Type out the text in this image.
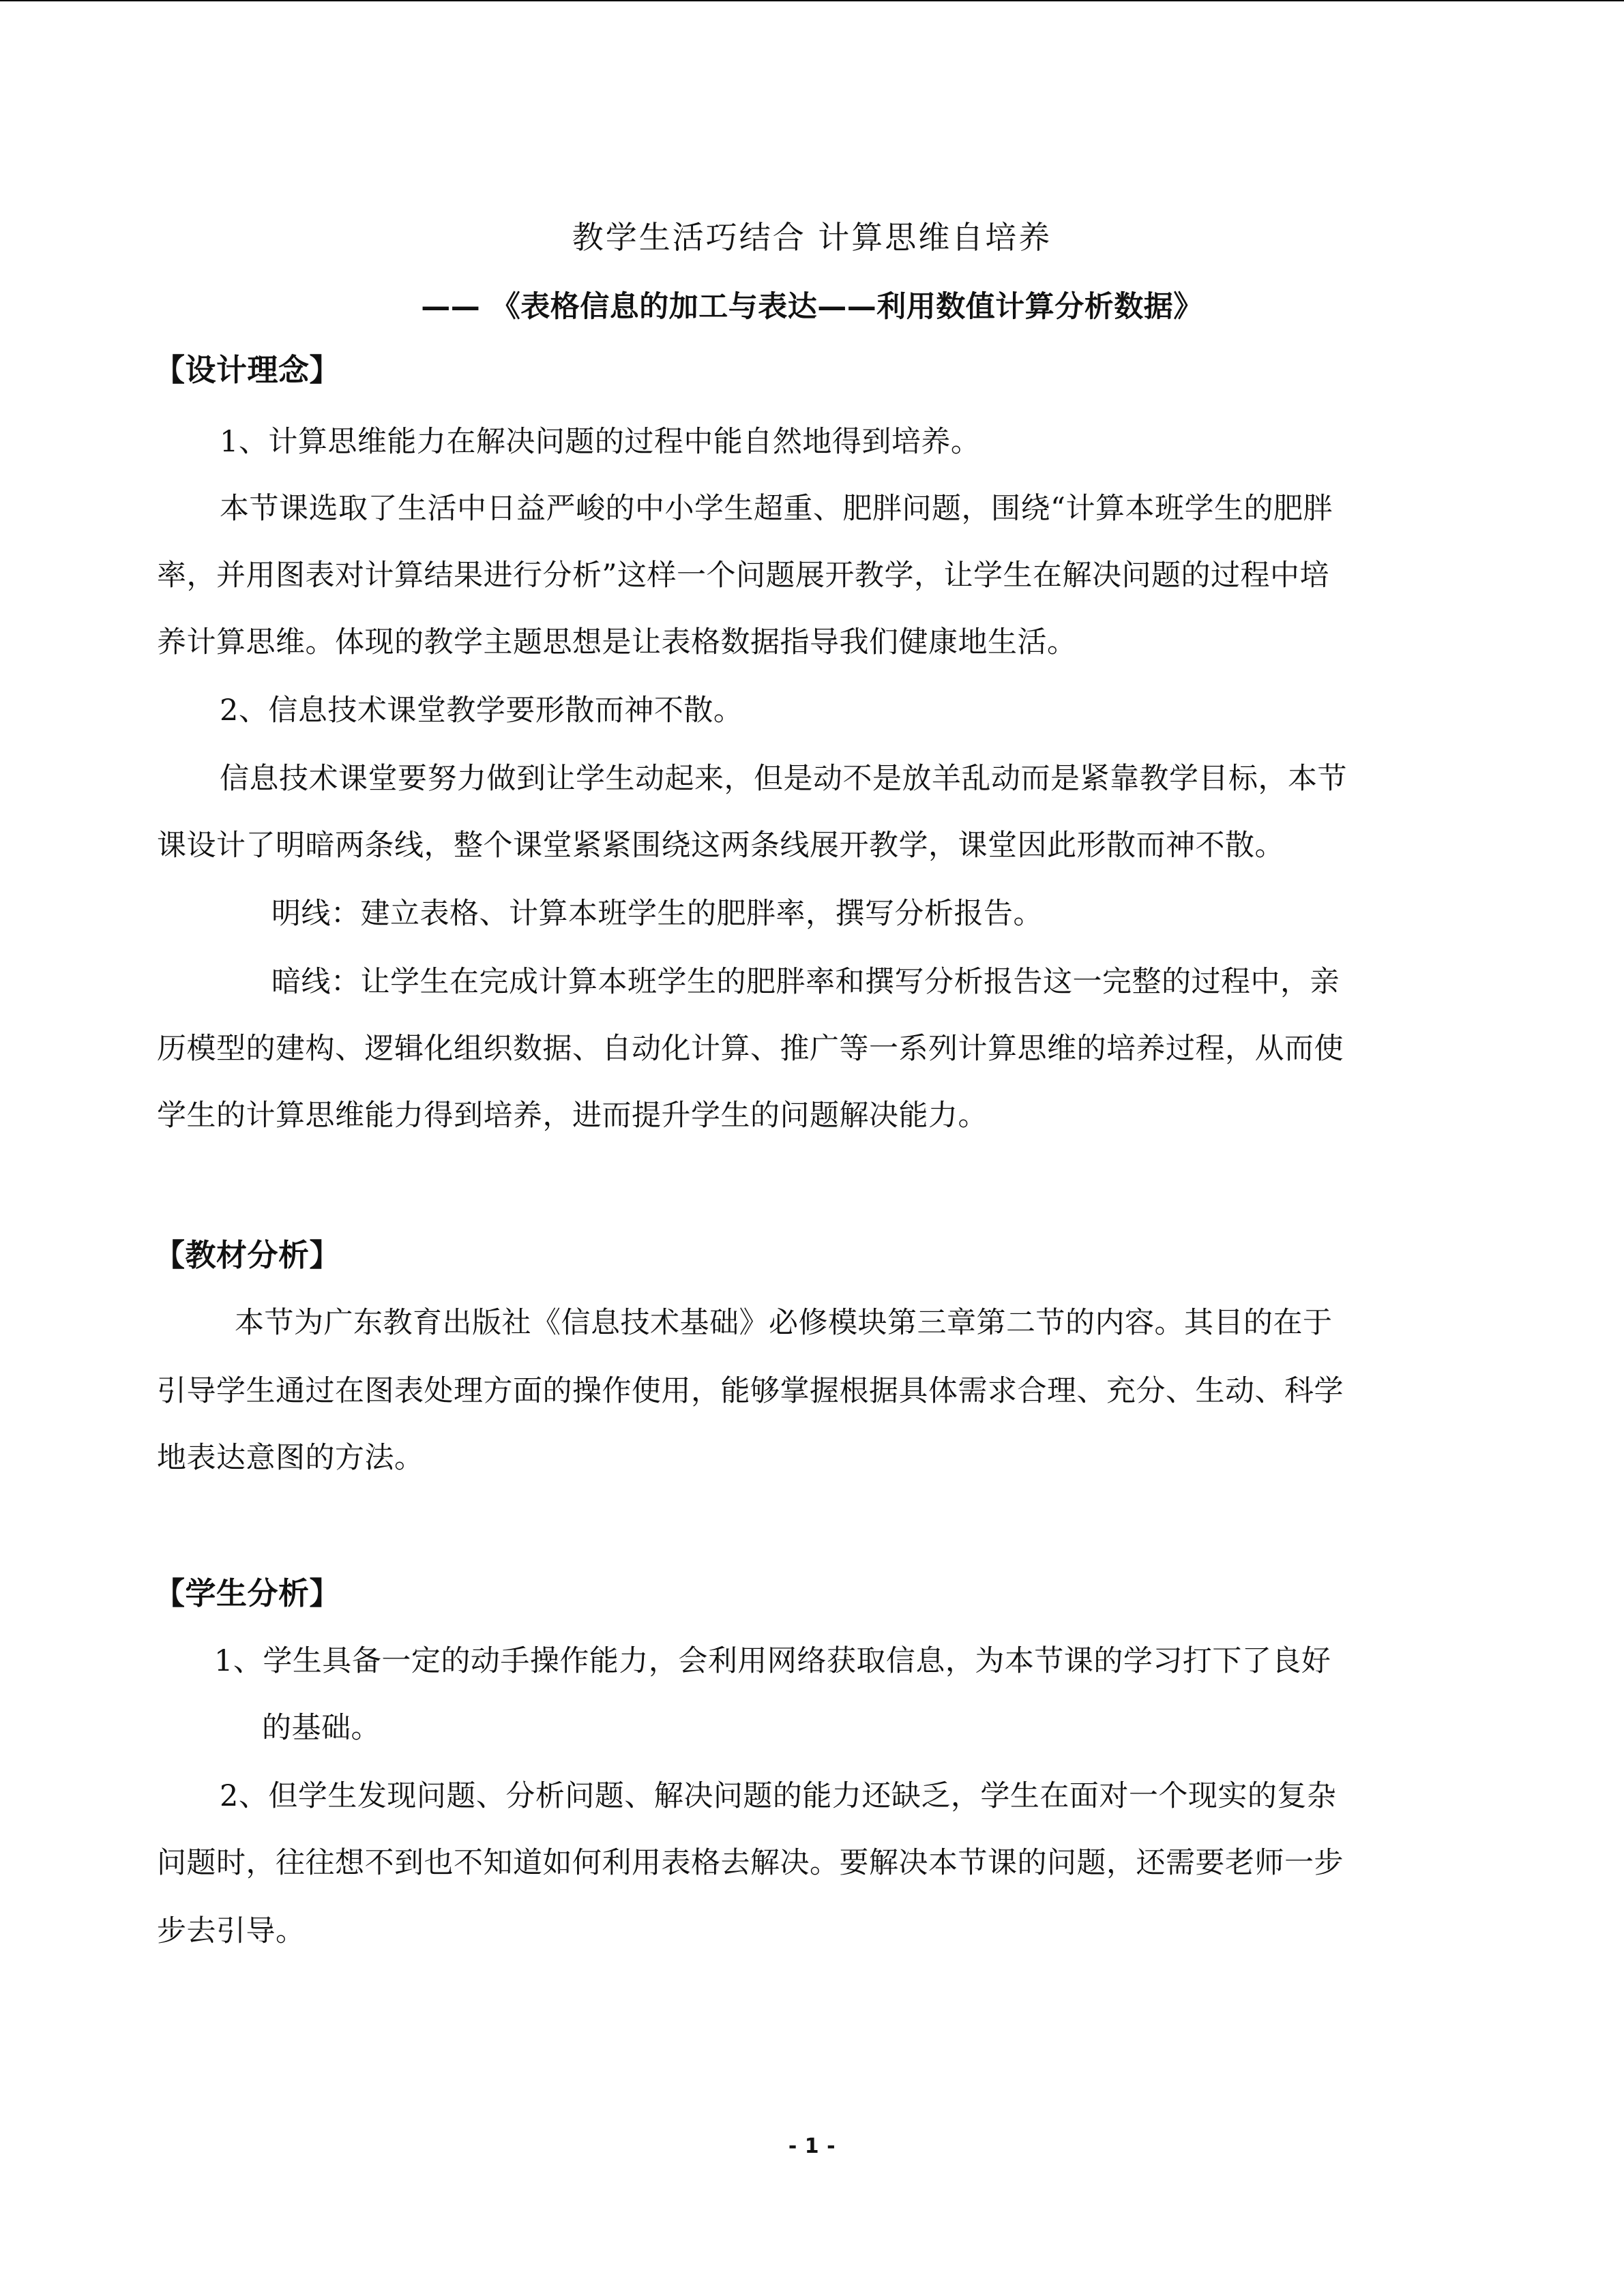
教学生活巧结合 计算思维自培养
—— 《表格信息的加工与表达——利用数值计算分析数据》
【设计理念】
1、计算思维能力在解决问题的过程中能自然地得到培养。
本节课选取了生活中日益严峻的中小学生超重、肥胖问题，围绕“计算本班学生的肥胖
率，并用图表对计算结果进行分析”这样一个问题展开教学，让学生在解决问题的过程中培
养计算思维。体现的教学主题思想是让表格数据指导我们健康地生活。
2、信息技术课堂教学要形散而神不散。
信息技术课堂要努力做到让学生动起来，但是动不是放羊乱动而是紧靠教学目标，本节
课设计了明暗两条线，整个课堂紧紧围绕这两条线展开教学，课堂因此形散而神不散。
明线：建立表格、计算本班学生的肥胖率，撰写分析报告。
暗线：让学生在完成计算本班学生的肥胖率和撰写分析报告这一完整的过程中，亲
历模型的建构、逻辑化组织数据、自动化计算、推广等一系列计算思维的培养过程，从而使
学生的计算思维能力得到培养，进而提升学生的问题解决能力。
【教材分析】
本节为广东教育出版社《信息技术基础》必修模块第三章第二节的内容。其目的在于
引导学生通过在图表处理方面的操作使用，能够掌握根据具体需求合理、充分、生动、科学
地表达意图的方法。
【学生分析】
1、学生具备一定的动手操作能力，会利用网络获取信息，为本节课的学习打下了良好
的基础。
2、但学生发现问题、分析问题、解决问题的能力还缺乏，学生在面对一个现实的复杂
问题时，往往想不到也不知道如何利用表格去解决。要解决本节课的问题，还需要老师一步
步去引导。
- 1 -
